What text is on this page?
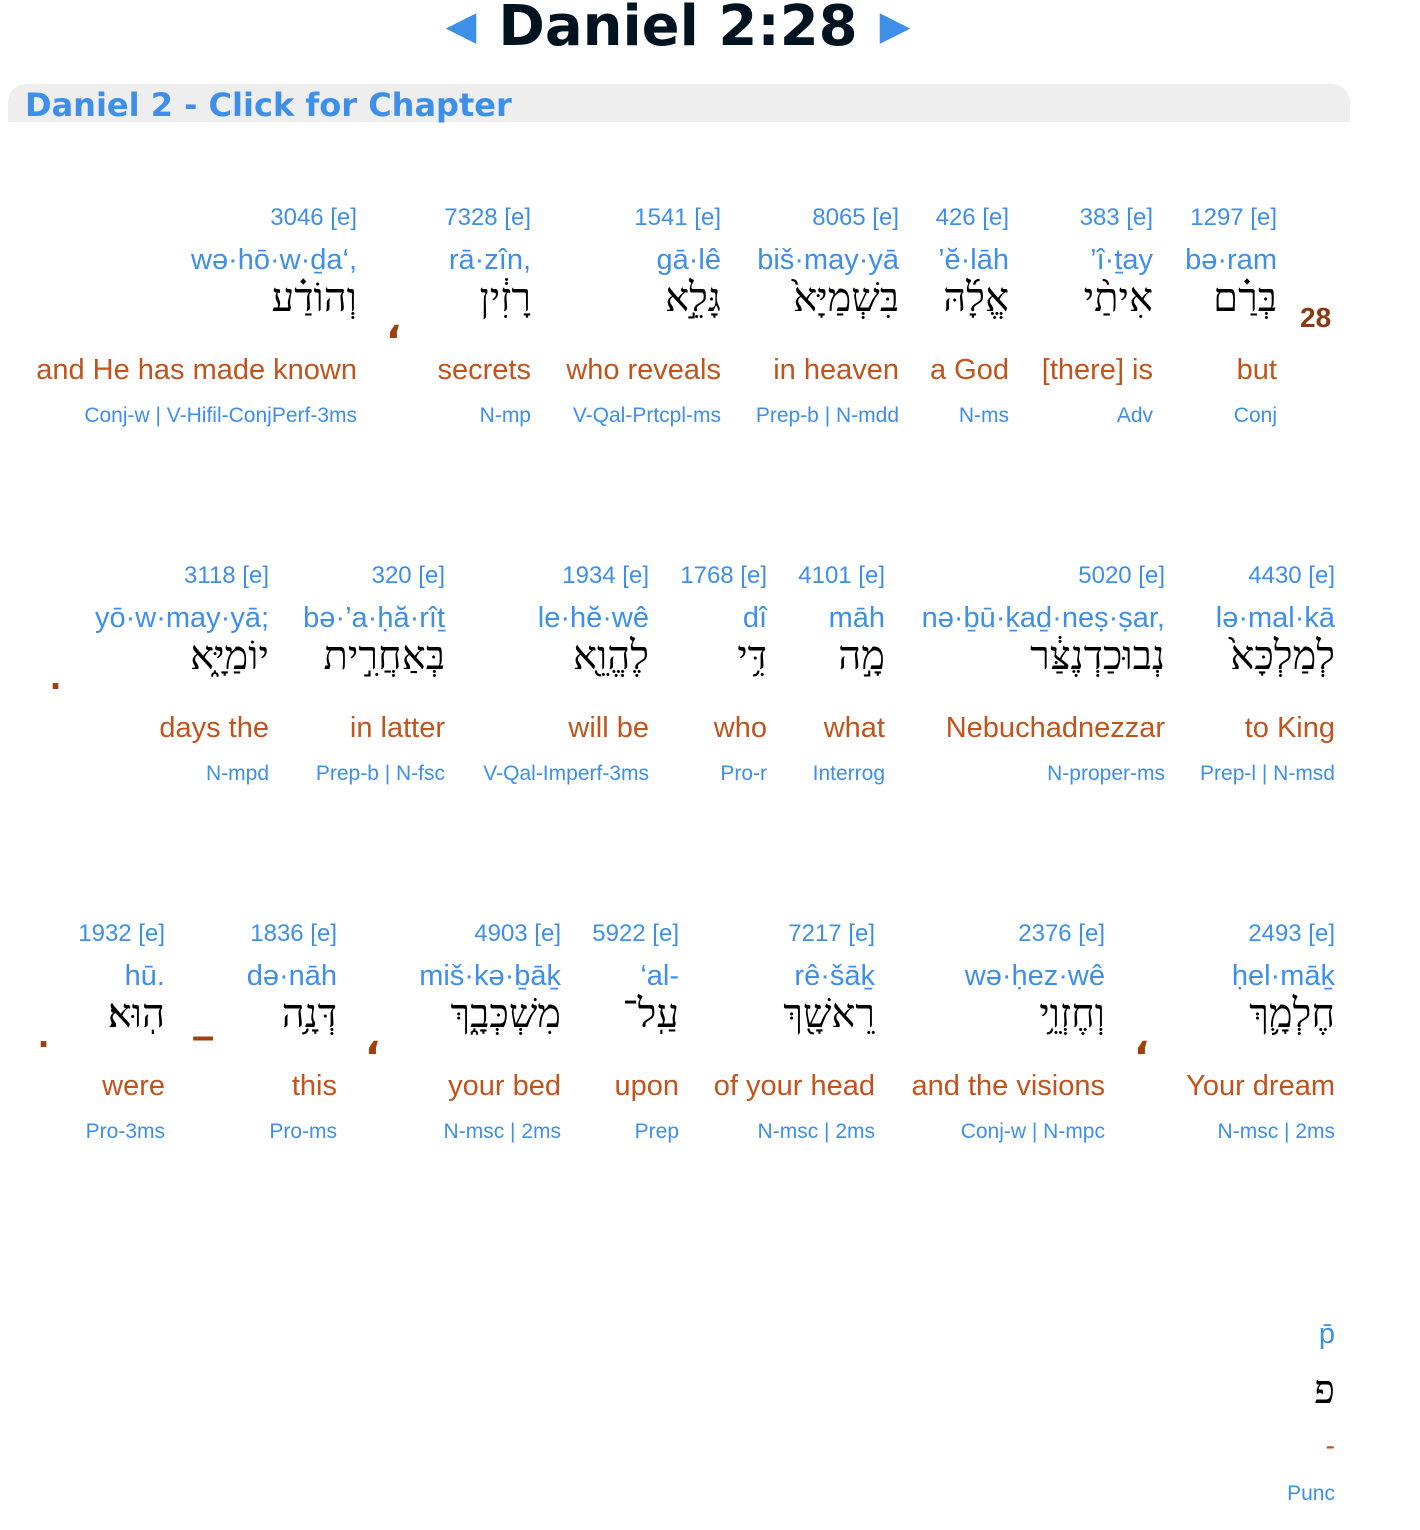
◀ Daniel 2:28 ▶
Daniel 2 - Click for Chapter
28
1297 [e]
bə·ram
בְּרַ֗ם
but
Conj
383 [e]
’î·ṯay
אִיתַ֨י
[there] is
Adv
426 [e]
’ĕ·lāh
אֱלָ֜הּ
a God
N-ms
8065 [e]
biš·may·yā
בִּשְׁמַיָּא֙
in heaven
Prep-b | N-mdd
1541 [e]
gā·lê
גָּלֵ֣א
who reveals
V-Qal-Prtcpl-ms
7328 [e]
rā·zîn,
רָזִ֔ין
secrets
N-mp
3046 [e]
wə·hō·w·ḏa‘,
וְהוֹדַ֗ע
and He has made known
Conj-w | V-Hifil-ConjPerf-3ms
4430 [e]
lə·mal·kā
לְמַלְכָּא֙
to King
Prep-l | N-msd
5020 [e]
nə·ḇū·ḵaḏ·neṣ·ṣar,
נְבוּכַדְנֶצַּ֔ר
Nebuchadnezzar
N-proper-ms
4101 [e]
māh
מָ֣ה
what
Interrog
1768 [e]
dî
דִּ֥י
who
Pro-r
1934 [e]
le·hĕ·wê
לֶהֱוֵ֖א
will be
V-Qal-Imperf-3ms
320 [e]
bə·’a·ḥă·rîṯ
בְּאַחֲרִ֣ית
in latter
Prep-b | N-fsc
3118 [e]
yō·w·may·yā;
יוֹמַיָּ֑א
days the
N-mpd
2493 [e]
ḥel·māḵ
חֶלְמָ֛ךְ
Your dream
N-msc | 2ms
2376 [e]
wə·ḥez·wê
וְחֶזְוֵ֥י
and the visions
Conj-w | N-mpc
7217 [e]
rê·šāḵ
רֵאשָׁ֖ךְ
of your head
N-msc | 2ms
5922 [e]
‘al-
עַֽל־
upon
Prep
4903 [e]
miš·kə·ḇāḵ
מִשְׁכְּבָ֑ךְ
your bed
N-msc | 2ms
1836 [e]
də·nāh
דְּנָ֥ה
this
Pro-ms
1932 [e]
hū.
הֽוּא׃
were
Pro-3ms
،
.
،
،
–
.
p̄
פ
-
Punc
